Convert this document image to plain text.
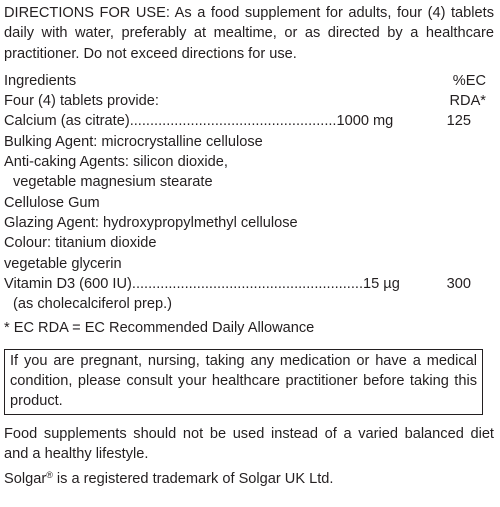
DIRECTIONS FOR USE: As a food supplement for adults, four (4) tablets daily with water, preferably at mealtime, or as directed by a healthcare practitioner. Do not exceed directions for use.

Ingredients	%EC
Four (4) tablets provide:	RDA*
Calcium (as citrate)...................................................1000 mg	125
Bulking Agent: microcrystalline cellulose
Anti-caking Agents: silicon dioxide,
vegetable magnesium stearate
Cellulose Gum
Glazing Agent: hydroxypropylmethyl cellulose
Colour: titanium dioxide
vegetable glycerin
Vitamin D3 (600 IU).........................................................15 µg	300
(as cholecalciferol prep.)
* EC RDA = EC Recommended Daily Allowance
If you are pregnant, nursing, taking any medication or have a medical condition, please consult your healthcare practitioner before taking this product.
Food supplements should not be used instead of a varied balanced diet and a healthy lifestyle.
Solgar® is a registered trademark of Solgar UK Ltd.
